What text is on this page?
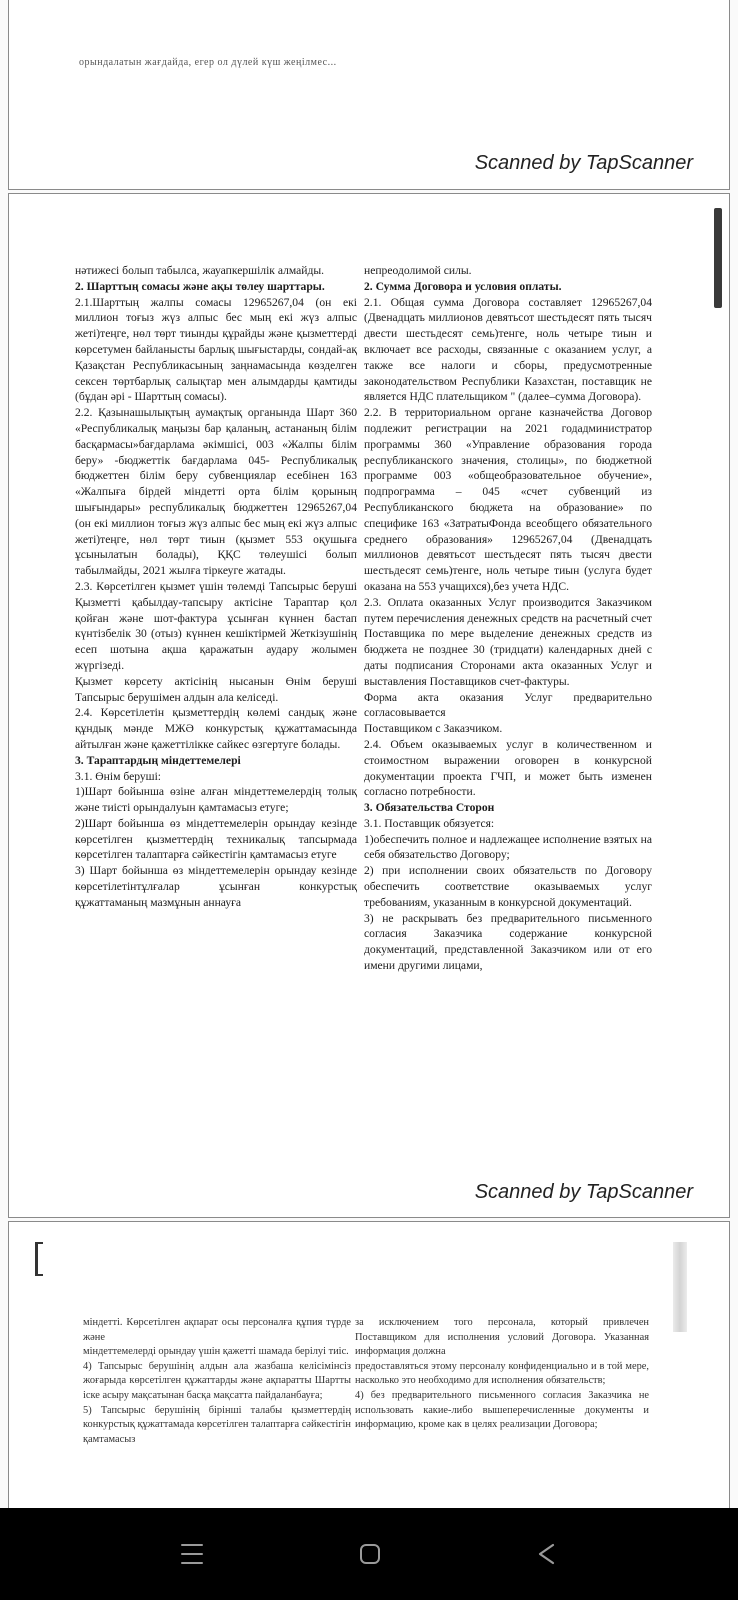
орындалатын жағдайда, егер ол дүлей күш жеңілмес...
Scanned by TapScanner

нәтижесі болып табылса, жауапкершілік алмайды.

2. Шарттың сомасы және ақы төлеу шарттары.

2.1.Шарттың жалпы сомасы 12965267,04 (он екі миллион тоғыз жүз алпыс бес мың екі жүз алпыс жеті)теңге, нөл төрт тиынды құрайды және қызметтерді көрсетумен байланысты барлық шығыстарды, сондай-ақ Қазақстан Республикасының заңнамасында көзделген сексен төртбарлық салықтар мен алымдарды қамтиды (бұдан әрі - Шарттың сомасы).

2.2. Қазынашылықтың аумақтық органында Шарт 360 «Республикалық маңызы бар қаланың, астананың білім басқармасы»бағдарлама әкімшісі, 003 «Жалпы білім беру» -бюджеттік бағдарлама 045- Республикалық бюджеттен білім беру субвенциялар есебінен 163 «Жалпыға бірдей міндетті орта білім қорының шығындары» республикалық бюджеттен 12965267,04 (он екі миллион тоғыз жүз алпыс бес мың екі жүз алпыс жеті)теңге, нөл төрт тиын (қызмет 553 оқушыға ұсынылатын болады), ҚҚС төлеушісі болып табылмайды, 2021 жылға тіркеуге жатады.

2.3. Көрсетілген қызмет үшін төлемді Тапсырыс беруші Қызметті қабылдау-тапсыру актісіне Тараптар қол қойған және шот-фактура ұсынған күннен бастап күнтізбелік 30 (отыз) күннен кешіктірмей Жеткізушінің есеп шотына ақша қаражатын аудару жолымен жүргізеді.

Қызмет көрсету актісінің нысанын Өнім беруші Тапсырыс берушімен алдын ала келіседі.

2.4. Көрсетілетін қызметтердің көлемі сандық және құндық мәнде МЖӘ конкурстық құжаттамасында айтылған және қажеттілікке сайкес өзгертуге болады.

3. Тараптардың міндеттемелері

3.1. Өнім беруші:

1)Шарт бойынша өзіне алған міндеттемелердің толық және тиісті орындалуын қамтамасыз етуге;

2)Шарт бойынша өз міндеттемелерін орындау кезінде көрсетілген қызметтердің техникалық тапсырмада көрсетілген талаптарға сәйкестігін қамтамасыз етуге

3) Шарт бойынша өз міндеттемелерін орындау кезінде көрсетілетінтұлғалар ұсынған конкурстық құжаттаманың мазмұнын аннауға

непреодолимой силы.

2. Сумма Договора и условия оплаты.

2.1. Общая сумма Договора составляет 12965267,04 (Двенадцать миллионов девятьсот шестьдесят пять тысяч двести шестьдесят семь)тенге, ноль четыре тиын и включает все расходы, связанные с оказанием услуг, а также все налоги и сборы, предусмотренные законодательством Республики Казахстан, поставщик не является НДС плательщиком " (далее–сумма Договора).

2.2. В территориальном органе казначейства Договор подлежит регистрации на 2021 годадминистратор программы 360 «Управление образования города республиканского значения, столицы», по бюджетной программе 003 «общеобразовательное обучение», подпрограмма – 045 «счет субвенций из Республиканского бюджета на образование» по специфике 163 «ЗатратыФонда всеобщего обязательного среднего образования» 12965267,04 (Двенадцать миллионов девятьсот шестьдесят пять тысяч двести шестьдесят семь)тенге, ноль четыре тиын (услуга будет оказана на 553 учащихся),без учета НДС.

2.3. Оплата оказанных Услуг производится Заказчиком путем перечисления денежных средств на расчетный счет Поставщика по мере выделение денежных средств из бюджета не позднее 30 (тридцати) календарных дней с даты подписания Сторонами акта оказанных Услуг и выставления Поставщиков счет-фактуры.

Форма акта оказания Услуг предварительно согласовывается

Поставщиком с Заказчиком.

2.4. Объем оказываемых услуг в количественном и стоимостном выражении оговорен в конкурсной документации проекта ГЧП, и может быть изменен согласно потребности.

3. Обязательства Сторон

3.1. Поставщик обязуется:

1)обеспечить полное и надлежащее исполнение взятых на себя обязательство Договору;

2) при исполнении своих обязательств по Договору обеспечить соответствие оказываемых услуг требованиям, указанным в конкурсной документаций.

3) не раскрывать без предварительного письменного согласия Заказчика содержание конкурсной документаций, представленной Заказчиком или от его имени другими лицами,

Scanned by TapScanner

міндетті. Көрсетілген ақпарат осы персоналға құпия түрде және

міндеттемелерді орындау үшін қажетті шамада берілуі тиіс.

4) Тапсырыс берушінің алдын ала жазбаша келісімінсіз жоғарыда көрсетілген құжаттарды және ақпаратты Шартты іске асыру мақсатынан басқа мақсатта пайдаланбауға;

5) Тапсырыс берушінің бірінші талабы қызметтердің конкурстық құжаттамада көрсетілген талаптарға сәйкестігін қамтамасыз

за исключением того персонала, который привлечен Поставщиком для исполнения условий Договора. Указанная информация должна

предоставляться этому персоналу конфиденциально и в той мере, насколько это необходимо для исполнения обязательств;

4) без предварительного письменного согласия Заказчика не использовать какие-либо вышеперечисленные документы и информацию, кроме как в целях реализации Договора;
